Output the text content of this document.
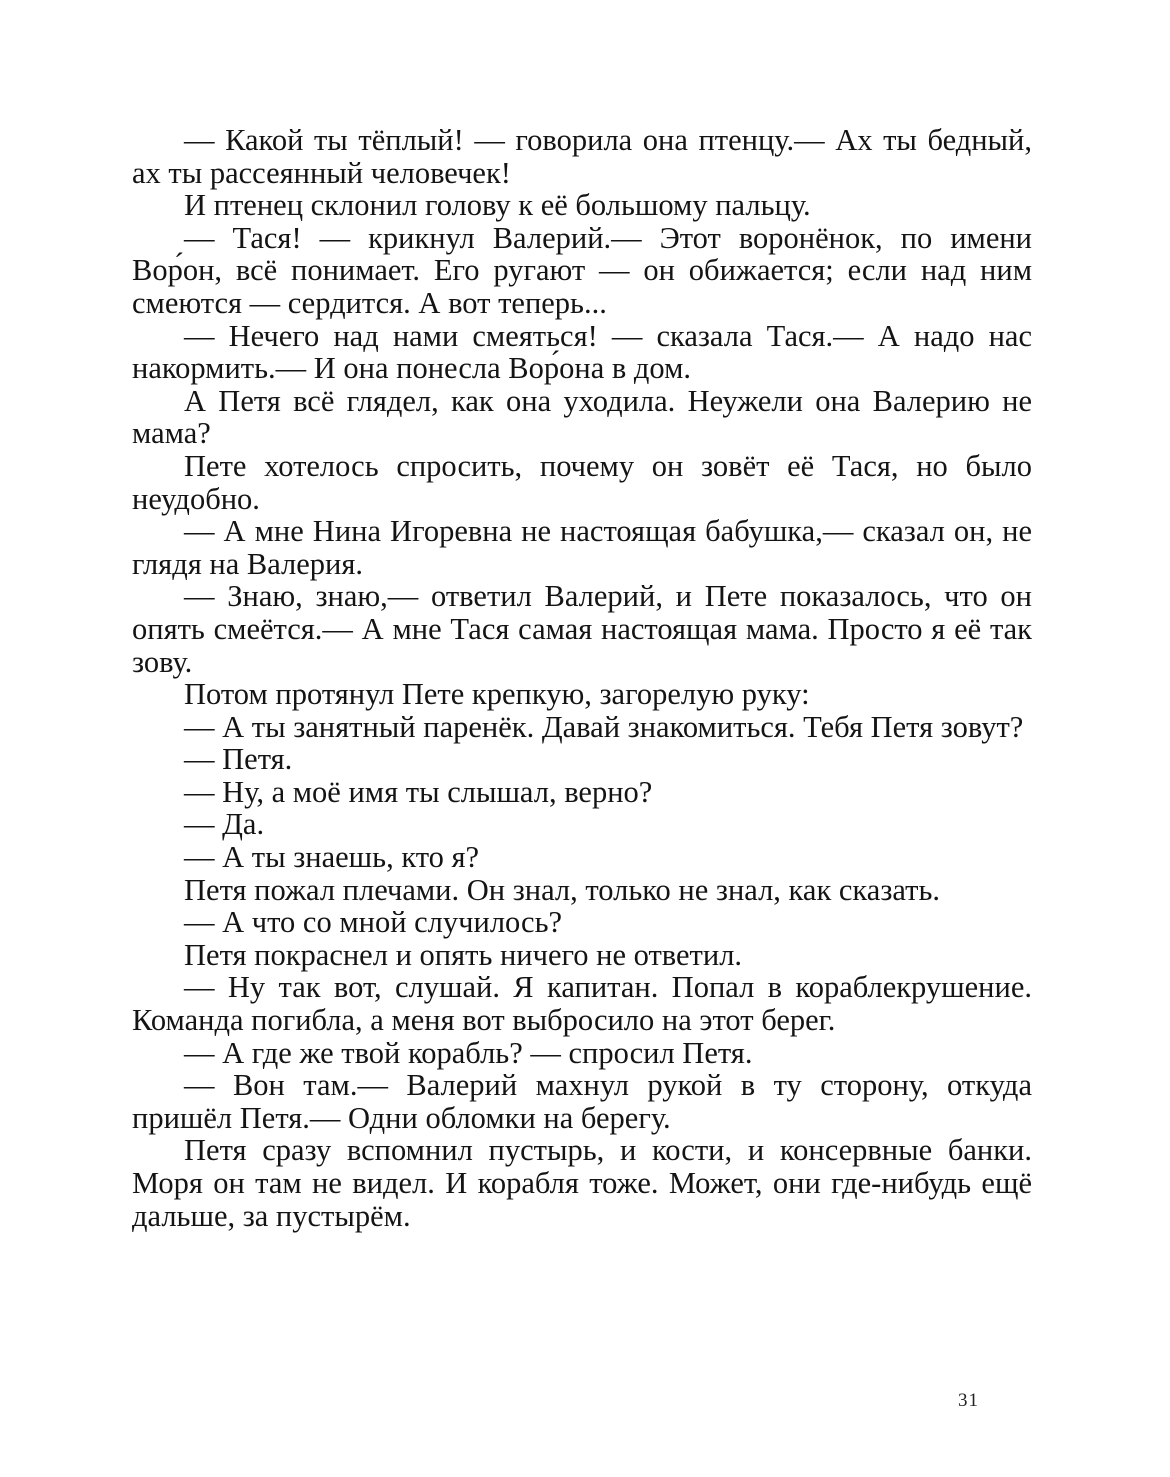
— Какой ты тёплый! — говорила она птенцу.— Ах ты бедный, ах ты рассеянный человечек!

И птенец склонил голову к её большому пальцу.

— Тася! — крикнул Валерий.— Этот воронёнок, по имени Вор́он, всё понимает. Его ругают — он обижается; если над ним смеются — сердится. А вот теперь...

— Нечего над нами смеяться! — сказала Тася.— А надо нас накормить.— И она понесла Вор́она в дом.

А Петя всё глядел, как она уходила. Неужели она Валерию не мама?

Пете хотелось спросить, почему он зовёт её Тася, но было неудобно.

— А мне Нина Игоревна не настоящая бабушка,— сказал он, не глядя на Валерия.

— Знаю, знаю,— ответил Валерий, и Пете показалось, что он опять смеётся.— А мне Тася самая настоящая мама. Просто я её так зову.

Потом протянул Пете крепкую, загорелую руку:

— А ты занятный паренёк. Давай знакомиться. Тебя Петя зовут?

— Петя.

— Ну, а моё имя ты слышал, верно?

— Да.

— А ты знаешь, кто я?

Петя пожал плечами. Он знал, только не знал, как сказать.

— А что со мной случилось?

Петя покраснел и опять ничего не ответил.

— Ну так вот, слушай. Я капитан. Попал в кораблекрушение. Команда погибла, а меня вот выбросило на этот берег.

— А где же твой корабль? — спросил Петя.

— Вон там.— Валерий махнул рукой в ту сторону, откуда пришёл Петя.— Одни обломки на берегу.

Петя сразу вспомнил пустырь, и кости, и консервные банки. Моря он там не видел. И корабля тоже. Может, они где-нибудь ещё дальше, за пустырём.

31
